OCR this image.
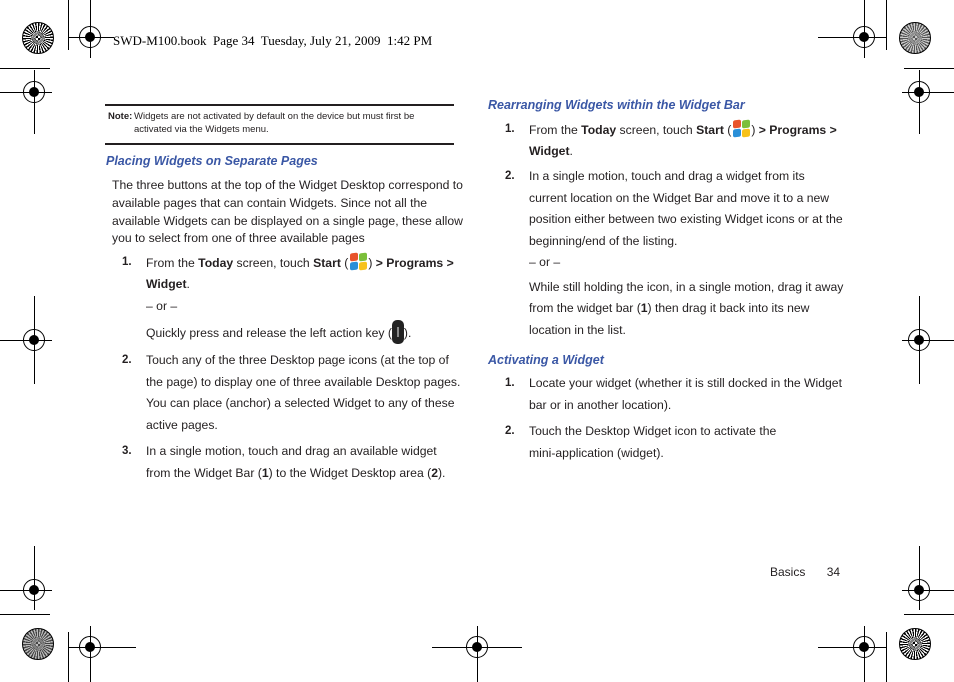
SWD-M100.book  Page 34  Tuesday, July 21, 2009  1:42 PM
Note: Widgets are not activated by default on the device but must first be
activated via the Widgets menu.
Placing Widgets on Separate Pages
The three buttons at the top of the Widget Desktop correspond to
available pages that can contain Widgets. Since not all the
available Widgets can be displayed on a single page, these allow
you to select from one of three available pages
1. From the Today screen, touch Start ( ) > Programs >
Widget.
– or –
Quickly press and release the left action key ( ).
2. Touch any of the three Desktop page icons (at the top of
the page) to display one of three available Desktop pages.
You can place (anchor) a selected Widget to any of these
active pages.
3. In a single motion, touch and drag an available widget
from the Widget Bar (1) to the Widget Desktop area (2).
Rearranging Widgets within the Widget Bar
1. From the Today screen, touch Start ( ) > Programs >
Widget.
2. In a single motion, touch and drag a widget from its
current location on the Widget Bar and move it to a new
position either between two existing Widget icons or at the
beginning/end of the listing.
– or –
While still holding the icon, in a single motion, drag it away
from the widget bar (1) then drag it back into its new
location in the list.
Activating a Widget
1. Locate your widget (whether it is still docked in the Widget
bar or in another location).
2. Touch the Desktop Widget icon to activate the
mini-application (widget).
Basics 34
